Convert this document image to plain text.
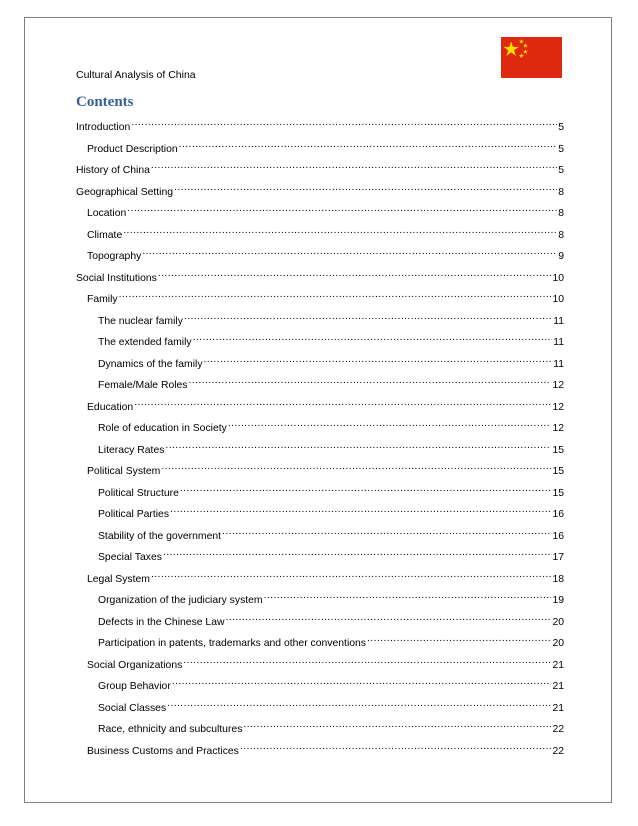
Cultural Analysis of China
Contents
Introduction .....	5
Product Description .....	5
History of China .....	5
Geographical Setting .....	8
Location .....	8
Climate .....	8
Topography .....	9
Social Institutions .....	10
Family .....	10
The nuclear family .....	11
The extended family .....	11
Dynamics of the family .....	11
Female/Male Roles .....	12
Education .....	12
Role of education in Society .....	12
Literacy Rates .....	15
Political System .....	15
Political Structure .....	15
Political Parties .....	16
Stability of the government .....	16
Special Taxes .....	17
Legal System .....	18
Organization of the judiciary system .....	19
Defects in the Chinese Law .....	20
Participation in patents, trademarks and other conventions .....	20
Social Organizations .....	21
Group Behavior .....	21
Social Classes .....	21
Race, ethnicity and subcultures .....	22
Business Customs and Practices .....	22
